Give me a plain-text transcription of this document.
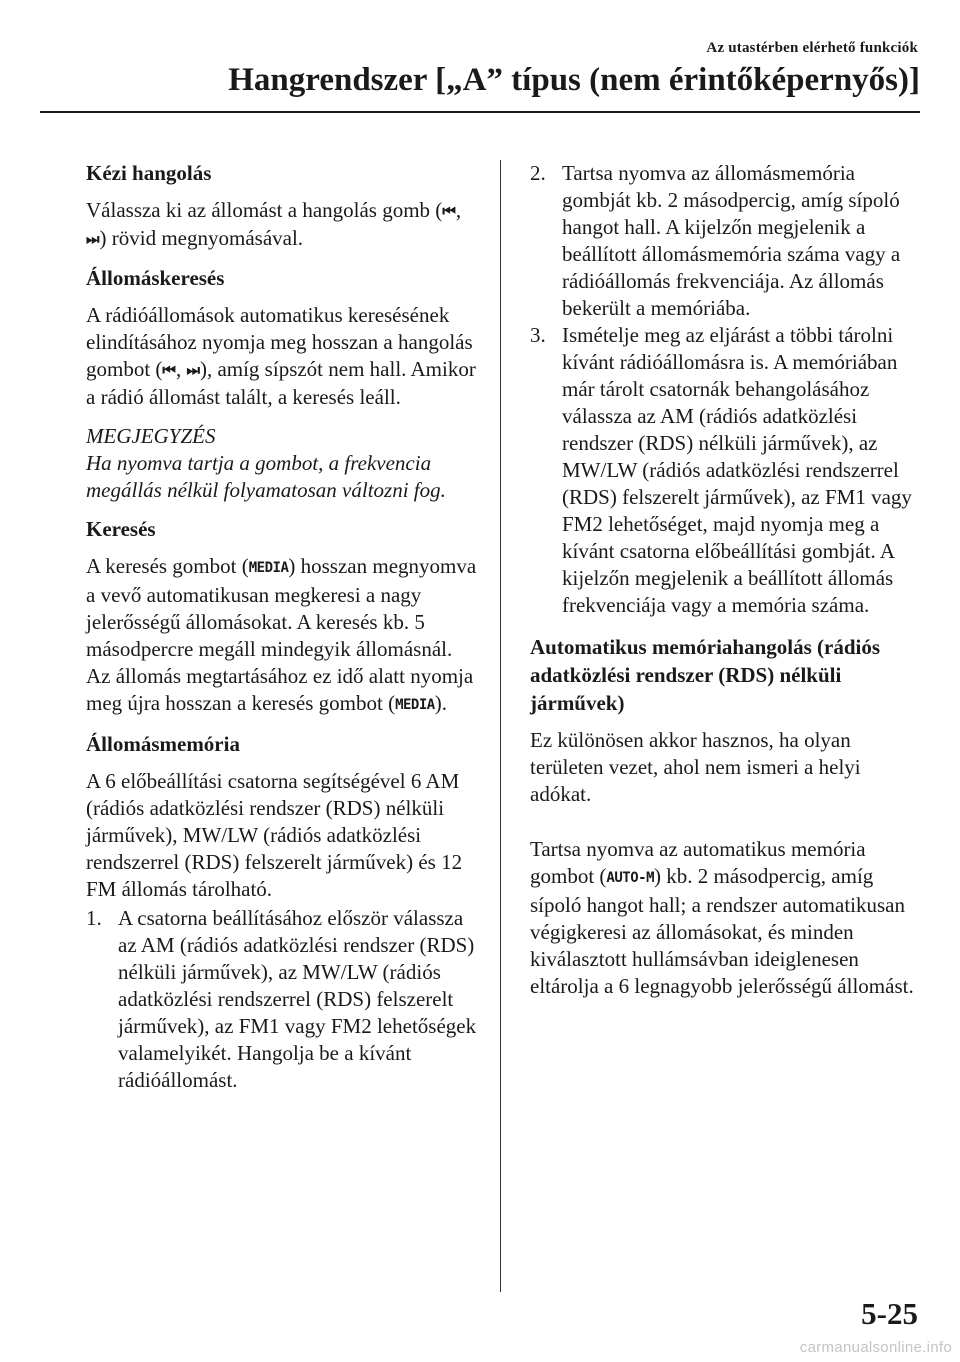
Az utastérben elérhető funkciók
Hangrendszer [„A” típus (nem érintőképernyős)]
Kézi hangolás
Válassza ki az állomást a hangolás gomb (⏮, ⏭) rövid megnyomásával.
Állomáskeresés
A rádióállomások automatikus keresésének elindításához nyomja meg hosszan a hangolás gombot (⏮, ⏭), amíg sípszót nem hall. Amikor a rádió állomást talált, a keresés leáll.
MEGJEGYZÉS
Ha nyomva tartja a gombot, a frekvencia megállás nélkül folyamatosan változni fog.
Keresés
A keresés gombot (MEDIA) hosszan megnyomva a vevő automatikusan megkeresi a nagy jelerősségű állomásokat. A keresés kb. 5 másodpercre megáll mindegyik állomásnál. Az állomás megtartásához ez idő alatt nyomja meg újra hosszan a keresés gombot (MEDIA).
Állomásmemória
A 6 előbeállítási csatorna segítségével 6 AM (rádiós adatközlési rendszer (RDS) nélküli járművek), MW/LW (rádiós adatközlési rendszerrel (RDS) felszerelt járművek) és 12 FM állomás tárolható.
1. A csatorna beállításához először válassza az AM (rádiós adatközlési rendszer (RDS) nélküli járművek), az MW/LW (rádiós adatközlési rendszerrel (RDS) felszerelt járművek), az FM1 vagy FM2 lehetőségek valamelyikét. Hangolja be a kívánt rádióállomást.
2. Tartsa nyomva az állomásmemória gombját kb. 2 másodpercig, amíg sípoló hangot hall. A kijelzőn megjelenik a beállított állomásmemória száma vagy a rádióállomás frekvenciája. Az állomás bekerült a memóriába.
3. Ismételje meg az eljárást a többi tárolni kívánt rádióállomásra is. A memóriában már tárolt csatornák behangolásához válassza az AM (rádiós adatközlési rendszer (RDS) nélküli járművek), az MW/LW (rádiós adatközlési rendszerrel (RDS) felszerelt járművek), az FM1 vagy FM2 lehetőséget, majd nyomja meg a kívánt csatorna előbeállítási gombját. A kijelzőn megjelenik a beállított állomás frekvenciája vagy a memória száma.
Automatikus memóriahangolás (rádiós adatközlési rendszer (RDS) nélküli járművek)
Ez különösen akkor hasznos, ha olyan területen vezet, ahol nem ismeri a helyi adókat.
Tartsa nyomva az automatikus memória gombot (AUTO-M) kb. 2 másodpercig, amíg sípoló hangot hall; a rendszer automatikusan végigkeresi az állomásokat, és minden kiválasztott hullámsávban ideiglenesen eltárolja a 6 legnagyobb jelerősségű állomást.
5-25
carmanualsonline.info
